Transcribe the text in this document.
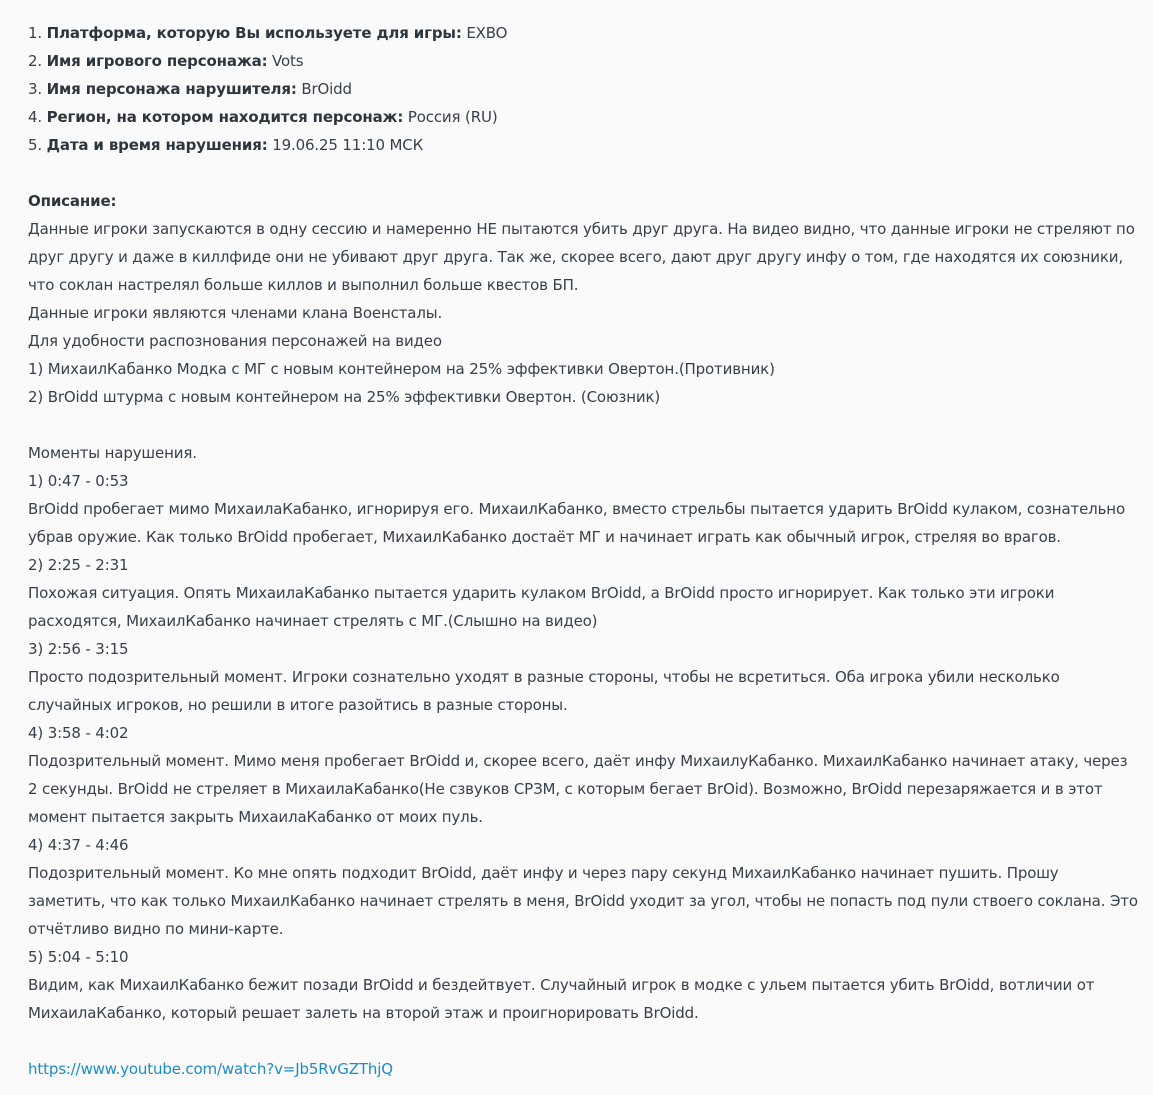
1. Платформа, которую Вы используете для игры: EXBO

2. Имя игрового персонажа: Vots

3. Имя персонажа нарушителя: BrOidd

4. Регион, на котором находится персонаж: Россия (RU)

5. Дата и время нарушения: 19.06.25 11:10 МСК

Описание:

Данные игроки запускаются в одну сессию и намеренно НЕ пытаются убить друг друга. На видео видно, что данные игроки не стреляют по друг другу и даже в киллфиде они не убивают друг друга. Так же, скорее всего, дают друг другу инфу о том, где находятся их союзники, что соклан настрелял больше киллов и выполнил больше квестов БП.

Данные игроки являются членами клана Военсталы.

Для удобности распознования персонажей на видео

1) МихаилКабанко Модка с МГ с новым контейнером на 25% эффективки Овертон.(Противник)

2) BrOidd штурма с новым контейнером на 25% эффективки Овертон. (Союзник)

Моменты нарушения.

1) 0:47 - 0:53

BrOidd пробегает мимо МихаилаКабанко, игнорируя его. МихаилКабанко, вместо стрельбы пытается ударить BrOidd кулаком, сознательно убрав оружие. Как только BrOidd пробегает, МихаилКабанко достаёт МГ и начинает играть как обычный игрок, стреляя во врагов.

2) 2:25 - 2:31

Похожая ситуация. Опять МихаилаКабанко пытается ударить кулаком BrOidd, а BrOidd просто игнорирует. Как только эти игроки расходятся, МихаилКабанко начинает стрелять с МГ.(Слышно на видео)

3) 2:56 - 3:15

Просто подозрительный момент. Игроки сознательно уходят в разные стороны, чтобы не всретиться. Оба игрока убили несколько случайных игроков, но решили в итоге разойтись в разные стороны.

4) 3:58 - 4:02

Подозрительный момент. Мимо меня пробегает BrOidd и, скорее всего, даёт инфу МихаилуКабанко. МихаилКабанко начинает атаку, через 2 секунды. BrOidd не стреляет в МихаилаКабанко(Не сзвуков СРЗМ, с которым бегает BrOid). Возможно, BrOidd перезаряжается и в этот момент пытается закрыть МихаилаКабанко от моих пуль.

4) 4:37 - 4:46

Подозрительный момент. Ко мне опять подходит BrOidd, даёт инфу и через пару секунд МихаилКабанко начинает пушить. Прошу заметить, что как только МихаилКабанко начинает стрелять в меня, BrOidd уходит за угол, чтобы не попасть под пули ствоего соклана. Это отчётливо видно по мини-карте.

5) 5:04 - 5:10

Видим, как МихаилКабанко бежит позади BrOidd и бездейтвует. Случайный игрок в модке с ульем пытается убить BrOidd, вотличии от МихаилаКабанко, который решает залеть на второй этаж и проигнорировать BrOidd.

https://www.youtube.com/watch?v=Jb5RvGZThjQ
